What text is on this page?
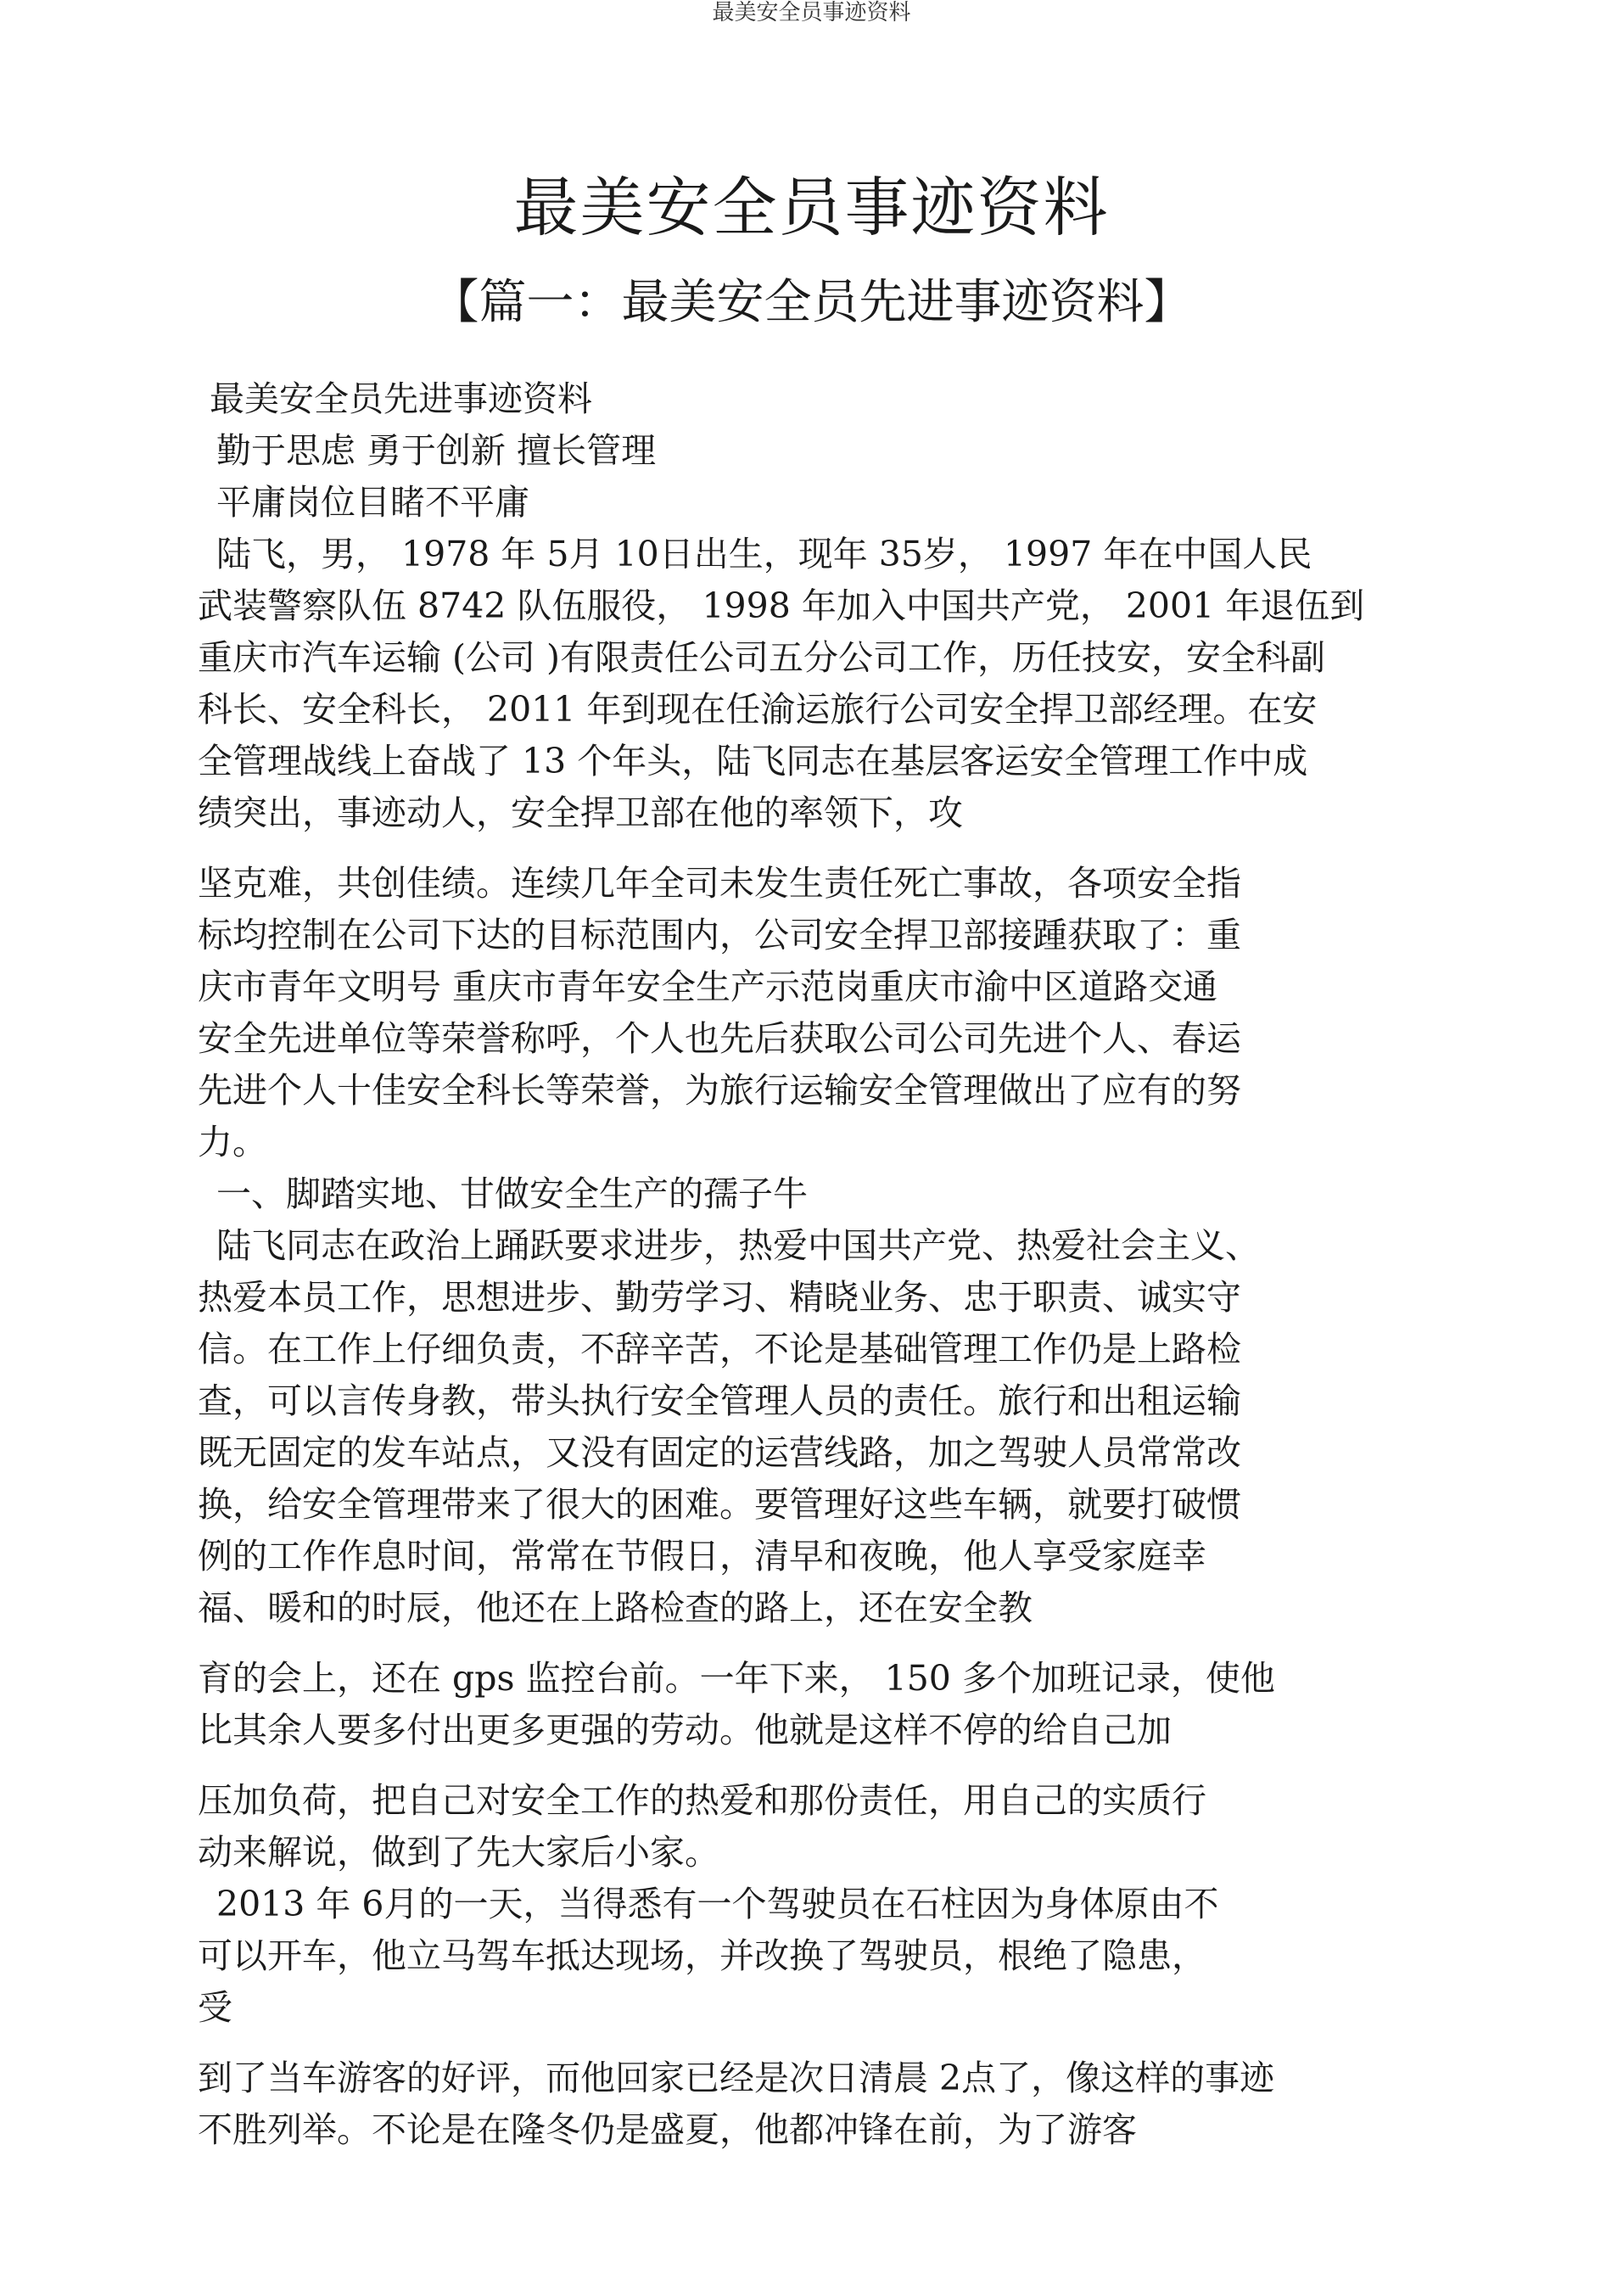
最美安全员事迹资料
最美安全员事迹资料
【篇一：最美安全员先进事迹资料】
最美安全员先进事迹资料
勤于思虑 勇于创新 擅长管理
平庸岗位目睹不平庸
陆飞，男， 1978 年 5月 10日出生，现年 35岁， 1997 年在中国人民
武装警察队伍 8742 队伍服役， 1998 年加入中国共产党， 2001 年退伍到
重庆市汽车运输 (公司 )有限责任公司五分公司工作，历任技安，安全科副
科长、安全科长， 2011 年到现在任渝运旅行公司安全捍卫部经理。在安
全管理战线上奋战了 13 个年头，陆飞同志在基层客运安全管理工作中成
绩突出，事迹动人，安全捍卫部在他的率领下，攻
坚克难，共创佳绩。连续几年全司未发生责任死亡事故，各项安全指
标均控制在公司下达的目标范围内，公司安全捍卫部接踵获取了：重
庆市青年文明号 重庆市青年安全生产示范岗重庆市渝中区道路交通
安全先进单位等荣誉称呼，个人也先后获取公司公司先进个人、春运
先进个人十佳安全科长等荣誉，为旅行运输安全管理做出了应有的努
力。
一、脚踏实地、甘做安全生产的孺子牛
陆飞同志在政治上踊跃要求进步，热爱中国共产党、热爱社会主义、
热爱本员工作，思想进步、勤劳学习、精晓业务、忠于职责、诚实守
信。在工作上仔细负责，不辞辛苦，不论是基础管理工作仍是上路检
查，可以言传身教，带头执行安全管理人员的责任。旅行和出租运输
既无固定的发车站点，又没有固定的运营线路，加之驾驶人员常常改
换，给安全管理带来了很大的困难。要管理好这些车辆，就要打破惯
例的工作作息时间，常常在节假日，清早和夜晚，他人享受家庭幸
福、暖和的时辰，他还在上路检查的路上，还在安全教
育的会上，还在 gps 监控台前。一年下来， 150 多个加班记录，使他
比其余人要多付出更多更强的劳动。他就是这样不停的给自己加
压加负荷，把自己对安全工作的热爱和那份责任，用自己的实质行
动来解说，做到了先大家后小家。
2013 年 6月的一天，当得悉有一个驾驶员在石柱因为身体原由不
可以开车，他立马驾车抵达现场，并改换了驾驶员，根绝了隐患，
受
到了当车游客的好评，而他回家已经是次日清晨 2点了，像这样的事迹
不胜列举。不论是在隆冬仍是盛夏，他都冲锋在前，为了游客
